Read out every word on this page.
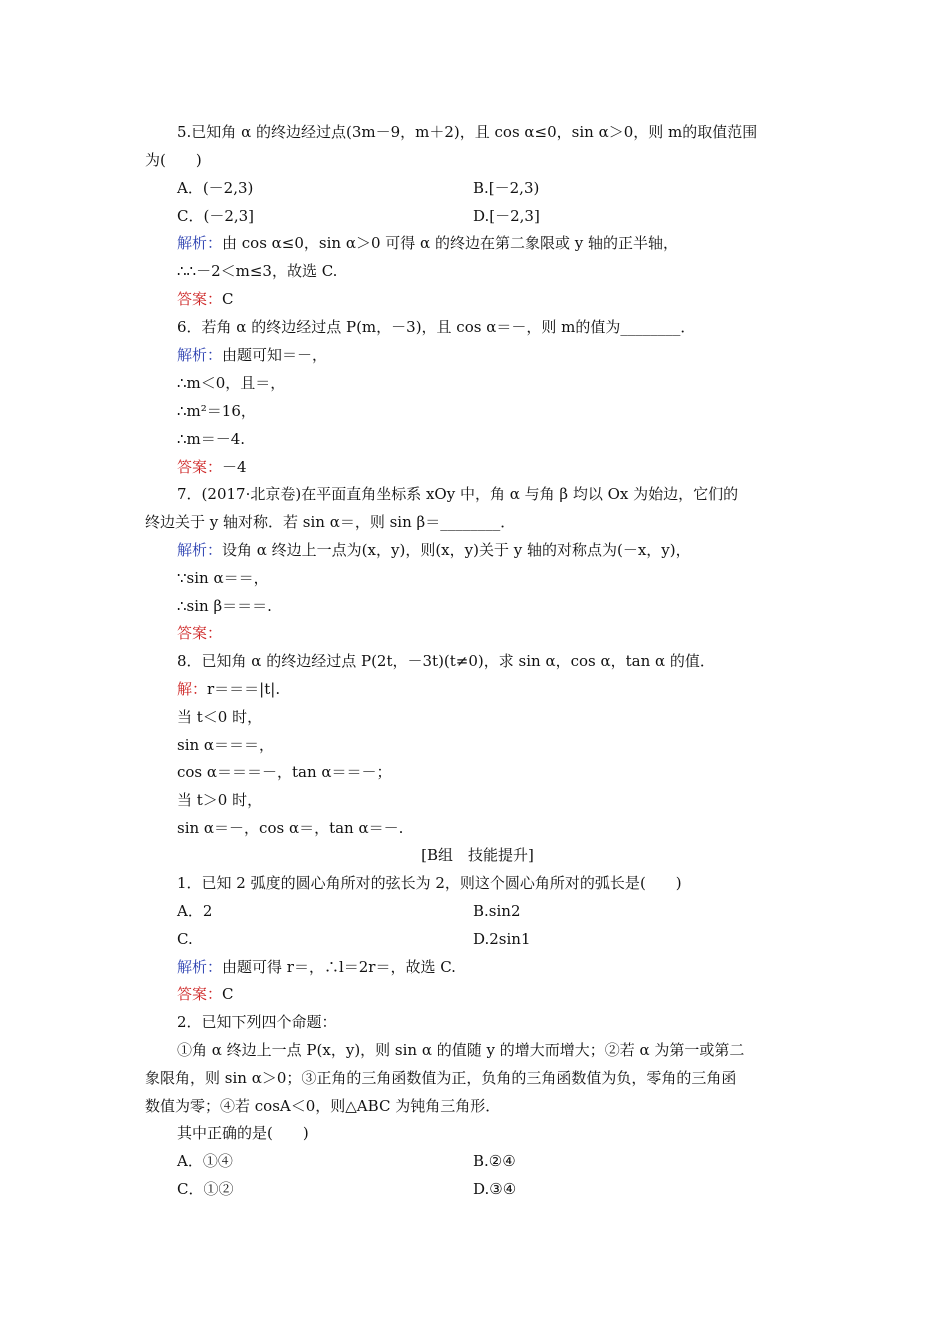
5.已知角 α 的终边经过点(3m－9，m＋2)，且 cos α≤0，sin α＞0，则 m的取值范围
为(　　)
A．(－2,3)	B.[－2,3)
C．(－2,3]	D.[－2,3]
解析：由 cos α≤0，sin α＞0 可得 α 的终边在第二象限或 y 轴的正半轴，
∴∴－2＜m≤3，故选 C.
答案：C
6．若角 α 的终边经过点 P(m，－3)，且 cos α＝－，则 m的值为________．
解析：由题可知＝－，
∴m＜0，且＝，
∴m²＝16，
∴m＝－4.
答案：－4
7．(2017·北京卷)在平面直角坐标系 xOy 中，角 α 与角 β 均以 Ox 为始边，它们的
终边关于 y 轴对称．若 sin α＝，则 sin β＝________．
解析：设角 α 终边上一点为(x，y)，则(x，y)关于 y 轴的对称点为(－x，y)，
∵sin α＝＝，
∴sin β＝＝＝.
答案：
8．已知角 α 的终边经过点 P(2t，－3t)(t≠0)，求 sin α，cos α，tan α 的值．
解：r＝＝＝|t|.
当 t＜0 时，
sin α＝＝＝，
cos α＝＝＝－，tan α＝＝－；
当 t＞0 时，
sin α＝－，cos α＝，tan α＝－.
[B组　技能提升]
1．已知 2 弧度的圆心角所对的弦长为 2，则这个圆心角所对的弧长是(　　)
A．2	B.sin2
C.	D.2sin1
解析：由题可得 r＝，∴l＝2r＝，故选 C.
答案：C
2．已知下列四个命题：
①角 α 终边上一点 P(x，y)，则 sin α 的值随 y 的增大而增大；②若 α 为第一或第二
象限角，则 sin α＞0；③正角的三角函数值为正，负角的三角函数值为负，零角的三角函
数值为零；④若 cosA＜0，则△ABC 为钝角三角形．
其中正确的是(　　)
A．①④	B.②④
C．①②	D.③④
